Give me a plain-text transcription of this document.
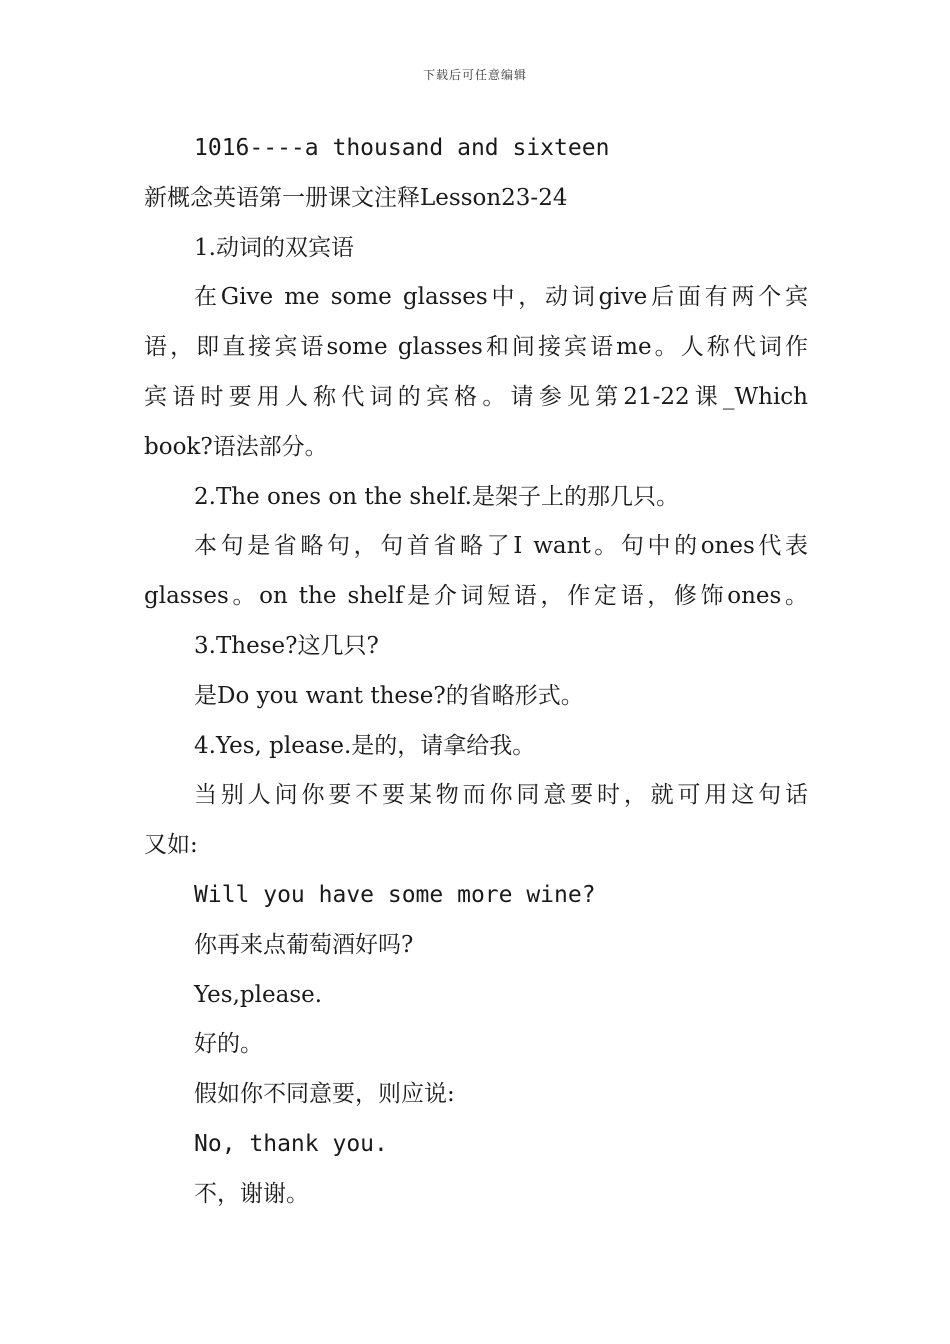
下载后可任意编辑
1016----a thousand and sixteen
新概念英语第一册课文注释Lesson23-24
1.动词的双宾语
在Give me some glasses中，动词give后面有两个宾
语，即直接宾语some glasses和间接宾语me。人称代词作
宾语时要用人称代词的宾格。请参见第21-22课_Which
book?语法部分。
2.The ones on the shelf.是架子上的那几只。
本句是省略句，句首省略了I want。句中的ones代表
glasses。on the shelf是介词短语，作定语，修饰ones。
3.These?这几只?
是Do you want these?的省略形式。
4.Yes, please.是的，请拿给我。
当别人问你要不要某物而你同意要时，就可用这句话
又如:
Will you have some more wine?
你再来点葡萄酒好吗?
Yes,please.
好的。
假如你不同意要，则应说:
No, thank you.
不，谢谢。
